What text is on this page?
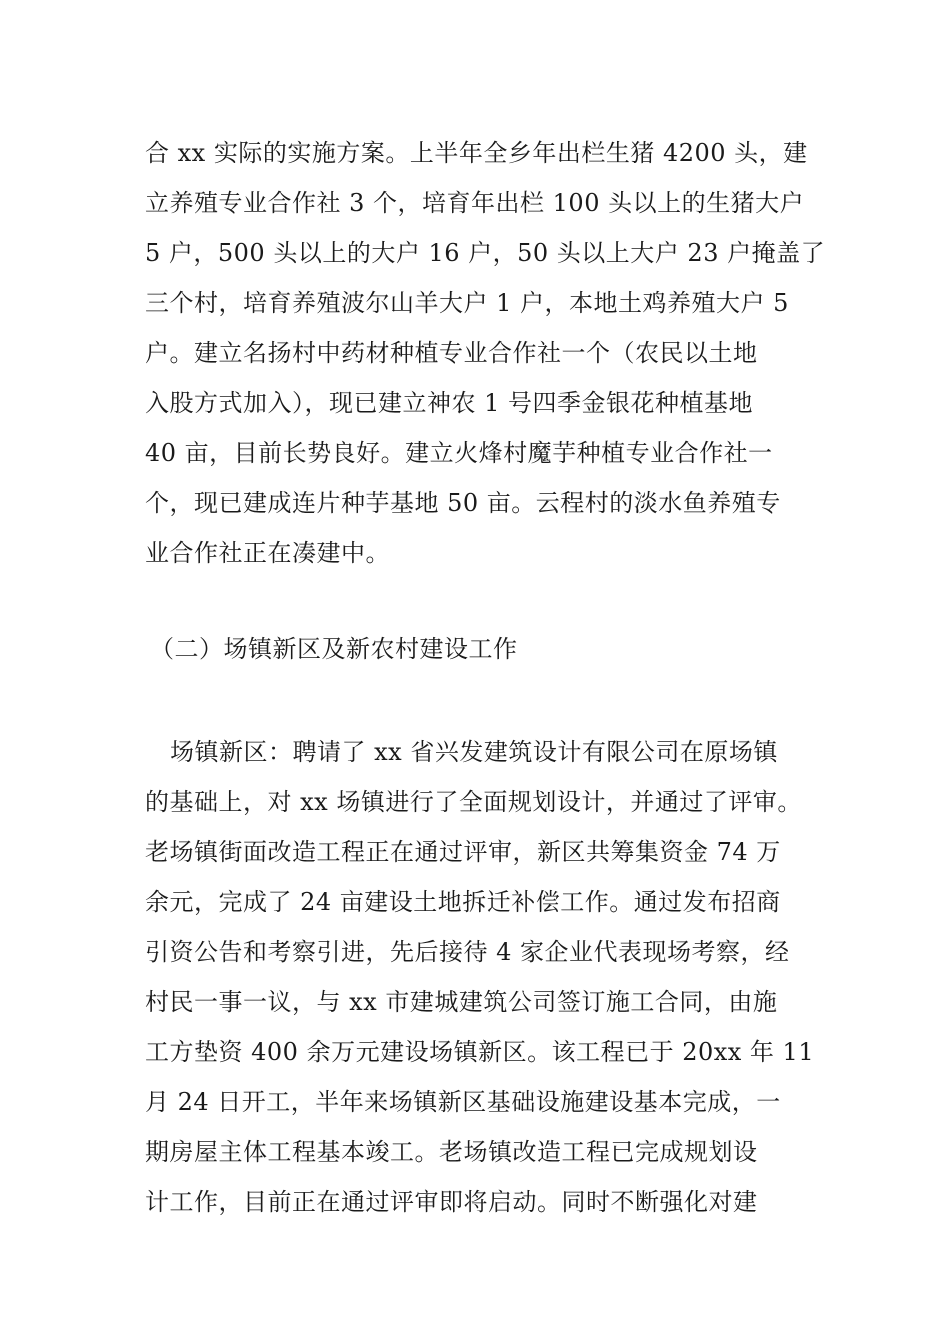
合 xx 实际的实施方案。上半年全乡年出栏生猪 4200 头，建
立养殖专业合作社 3 个，培育年出栏 100 头以上的生猪大户
5 户，500 头以上的大户 16 户，50 头以上大户 23 户掩盖了
三个村，培育养殖波尔山羊大户 1 户，本地土鸡养殖大户 5
户。建立名扬村中药材种植专业合作社一个（农民以土地
入股方式加入），现已建立神农 1 号四季金银花种植基地
40 亩，目前长势良好。建立火烽村魔芋种植专业合作社一
个，现已建成连片种芋基地 50 亩。云程村的淡水鱼养殖专
业合作社正在凑建中。
（二）场镇新区及新农村建设工作
场镇新区：聘请了 xx 省兴发建筑设计有限公司在原场镇
的基础上，对 xx 场镇进行了全面规划设计，并通过了评审。
老场镇街面改造工程正在通过评审，新区共筹集资金 74 万
余元，完成了 24 亩建设土地拆迁补偿工作。通过发布招商
引资公告和考察引进，先后接待 4 家企业代表现场考察，经
村民一事一议，与 xx 市建城建筑公司签订施工合同，由施
工方垫资 400 余万元建设场镇新区。该工程已于 20xx 年 11
月 24 日开工，半年来场镇新区基础设施建设基本完成，一
期房屋主体工程基本竣工。老场镇改造工程已完成规划设
计工作，目前正在通过评审即将启动。同时不断强化对建
